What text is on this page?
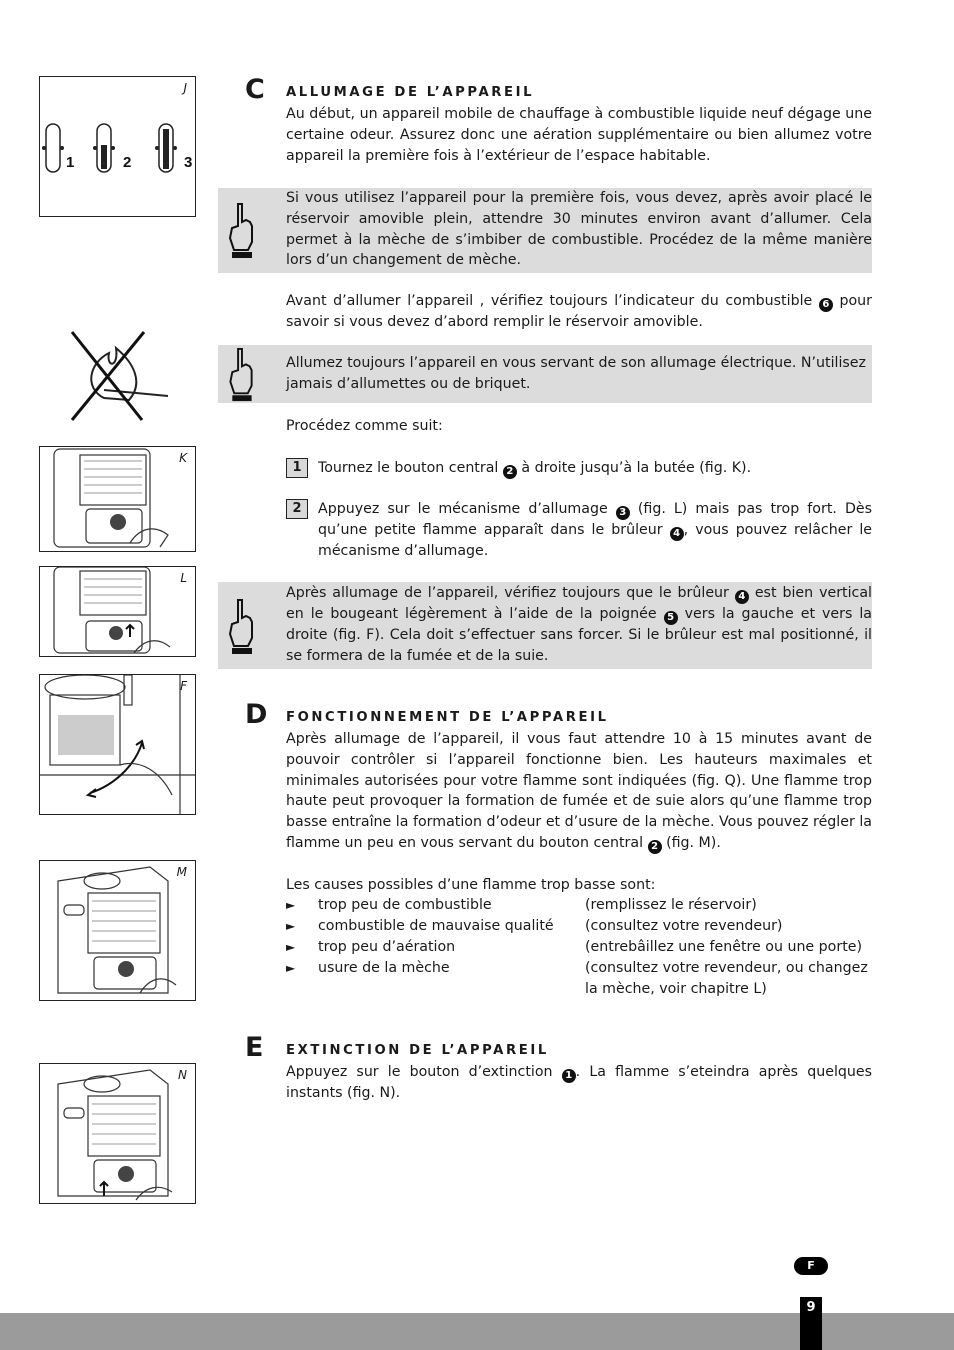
J
1	2	3
K
L
F
M
N
C ALLUMAGE DE L’APPAREIL
Au début, un appareil mobile de chauffage à combustible liquide neuf dégage une certaine odeur. Assurez donc une aération supplémentaire ou bien allumez votre appareil la première fois à l’extérieur de l’espace habitable.
Si vous utilisez l’appareil pour la première fois, vous devez, après avoir placé le réservoir amovible plein, attendre 30 minutes environ avant d’allumer. Cela permet à la mèche de s’imbiber de combustible. Procédez de la même manière lors d’un changement de mèche.
Avant d’allumer l’appareil , vérifiez toujours l’indicateur du combustible 6 pour savoir si vous devez d’abord remplir le réservoir amovible.
Allumez toujours l’appareil en vous servant de son allumage électrique. N’utilisez jamais d’allumettes ou de briquet.
Procédez comme suit:
1	Tournez le bouton central 2 à droite jusqu’à la butée (fig. K).
2	Appuyez sur le mécanisme d’allumage 3 (fig. L) mais pas trop fort. Dès qu’une petite flamme apparaît dans le brûleur 4 , vous pouvez relâcher le mécanisme d’allumage.
Après allumage de l’appareil, vérifiez toujours que le brûleur 4 est bien vertical en le bougeant légèrement à l’aide de la poignée 5 vers la gauche et vers la droite (fig. F). Cela doit s’effectuer sans forcer. Si le brûleur est mal positionné, il se formera de la fumée et de la suie.
D FONCTIONNEMENT DE L’APPAREIL
Après allumage de l’appareil, il vous faut attendre 10 à 15 minutes avant de pouvoir contrôler si l’appareil fonctionne bien. Les hauteurs maximales et minimales autorisées pour votre flamme sont indiquées (fig. Q). Une flamme trop haute peut provoquer la formation de fumée et de suie alors qu’une flamme trop basse entraîne la formation d’odeur et d’usure de la mèche. Vous pouvez régler la flamme un peu en vous servant du bouton central 2 (fig. M).
Les causes possibles d’une flamme trop basse sont:
► trop peu de combustible	(remplissez le réservoir)
► combustible de mauvaise qualité (consultez votre revendeur)
► trop peu d’aération	(entrebâillez une fenêtre ou une porte)
► usure de la mèche	(consultez votre revendeur, ou changez la mèche, voir chapitre L)
E EXTINCTION DE L’APPAREIL
Appuyez sur le bouton d’extinction 1 . La flamme s’eteindra après quelques instants (fig. N).
F
9
